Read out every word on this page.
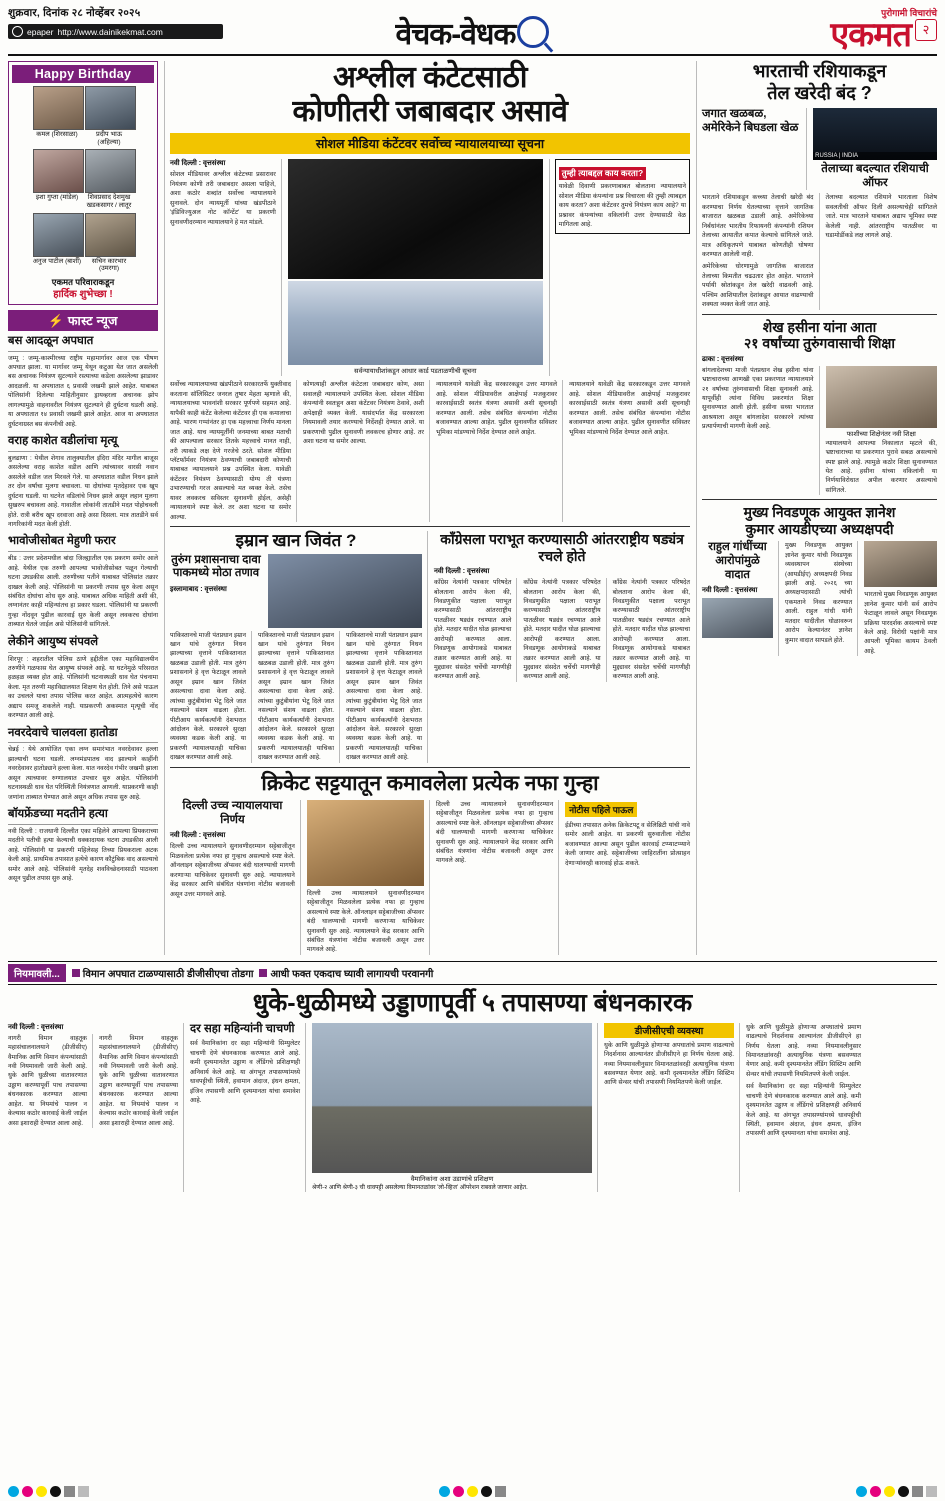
शुक्रवार, दिनांक २८ नोव्हेंबर २०२५
epaper http://www.dainikekmat.com	वेचक-वेधक
पुरोगामी विचारांचे
एकमत २
Happy Birthday
कमल (शिरसाळा)	प्रदीप भाऊ (अहिल्या)
इशा गुप्ता (मांडेल)	शिवप्रसाद देशमुख खडकसागर / लातूर
अनुज पाटील (बार्शी)	सचिन कारभार (उमरगा)
एकमत परिवाराकडून
हार्दिक शुभेच्छा !
⚡ फास्ट न्यूज
बस आदळून अपघात
जम्मू : जम्मू-काश्मीरच्या राष्ट्रीय महामार्गावर आज एक भीषण अपघात झाला. या मार्गावर जम्मू येथून कटुआ येत जात असलेली बस अचानक नियंत्रण सुटल्याने रस्त्याच्या कडेला असलेल्या झाडावर आदळली. या अपघातात ६ प्रवासी जखमी झाले आहेत. याबाबत पोलिसांनी दिलेल्या माहितीनुसार ड्रायव्हरला अचानक झोप लागल्यामुळे वाहनावरील नियंत्रण सुटल्याने ही दुर्घटना घडली आहे. या अपघातात १४ प्रवासी जखमी झाले आहेत. आज या अपघातात दुर्घटनाग्रस्त बस कंपनीची आहे.
वराह काशेत वडीलांचा मृत्यू
बुलढाणा : येथील शेगाव तालुक्यातील इंदिरा मंदिर मागील बाजूस असलेल्या वराह काशेत वडील आणि त्यांच्यावर वारसी नवान असलेले वडील जल मिरवले गेले. या अपघातात वडील निधन झाले तर दोन वर्षांचा मुलगा बचावला. या दोघांच्या मृतदेहावर एक खूप दुर्घटना घडली. या घटनेत वडिलांचे निधन झाले असून लहान मुलगा सुखरुप बचावला आहे. गावातील लोकांनी तातडीने मदत पोहोचवली होते. रात्री बरीच खूप दरवाजा आहे असा दिसला. मात्र तातडीने सर्व नागरिकांनी मदत केली होती.
भावोजीसोबत मेहुणी फरार
बीड : उत्तर प्रदेशमधील बांदा जिल्ह्यातील एक प्रकरण समोर आले आहे. येथील एक तरुणी आपल्या भावोजीसोबत पळून गेल्याची घटना उघडकीस आली. तरुणीच्या पतीने याबाबत पोलिसांत तक्रार दाखल केली आहे. पोलिसांनी या प्रकरणी तपास सुरु केला असून संबंधित दोघांचा शोध सुरु आहे. याबाबत अधिक माहिती अशी की, लग्नानंतर काही महिन्यांतच हा प्रकार घडला. पोलिसांनी या प्रकरणी गुन्हा नोंदवून पुढील कारवाई सुरु केली असून लवकरच दोघांना ताब्यात घेतले जाईल असे पोलिसांनी सांगितले.
लेकीने आयुष्य संपवले
शिरपूर : शहरातील पोलिस ठाणे हद्दीतील एका महाविद्यालयीन तरुणीने गळफास घेत आयुष्य संपवले आहे. या घटनेमुळे परिसरात हळहळ व्यक्त होत आहे. पोलिसांनी घटनास्थळी धाव घेत पंचनामा केला. मृत तरुणी महाविद्यालयात शिक्षण घेत होती. तिने असे पाऊल का उचलले याचा तपास पोलिस करत आहेत. आत्महत्येचे कारण अद्याप समजू शकलेले नाही. याप्रकरणी अकस्मात मृत्यूची नोंद करण्यात आली आहे.
नवरदेवाचे चालवला हातोडा
चेन्नई : येथे आयोजित एका लग्न समारंभात नवरदेवावर हल्ला झाल्याची घटना घडली. लग्नमंडपातच वाद झाल्याने काहींनी नवरदेवावर हातोड्याने हल्ला केला. यात नवरदेव गंभीर जखमी झाला असून त्याच्यावर रुग्णालयात उपचार सुरु आहेत. पोलिसांनी घटनास्थळी धाव घेत परिस्थिती नियंत्रणात आणली. याप्रकरणी काही जणांना ताब्यात घेण्यात आले असून अधिक तपास सुरु आहे.
बॉयफ्रेंडच्या मदतीने हत्या
नवी दिल्ली : राजधानी दिल्लीत एका महिलेने आपल्या प्रियकराच्या मदतीने पतीची हत्या केल्याची धक्कादायक घटना उघडकीस आली आहे. पोलिसांनी या प्रकरणी महिलेसह तिच्या प्रियकराला अटक केली आहे. प्राथमिक तपासात हत्येचे कारण कौटुंबिक वाद असल्याचे समोर आले आहे. पोलिसांनी मृतदेह शवविच्छेदनासाठी पाठवला असून पुढील तपास सुरु आहे.
अश्लील कंटेटसाठी
कोणीतरी जबाबदार असावे
सोशल मीडिया कंटेंटवर सर्वोच्च न्यायालयाच्या सूचना
नवी दिल्ली : वृत्तसंस्था
सोशल मीडियावर अश्लील कंटेटच्या प्रसारावर नियंत्रण कोणी तरी जबाबदार असला पाहिजे, अशा कठोर शब्दांत सर्वोच्च न्यायालयाने सुनावले. दोन न्यायमूर्ती यांच्या खंडपीठाने 'इंडिविज्युअल नोट कॉन्टेंट' या प्रकरणी सुनावणीदरम्यान न्यायालयाने हे मत मांडले.
सर्वन्यायाधीशांकडून आधार कार्ड पडताळणीची सूचना
तुम्ही त्याबद्दल काय करता?
यावेळी दिवाणी प्रकरणाबाबत बोलताना न्यायालयाने सोशल मीडिया कंपन्यांना प्रश्न विचारला की तुम्ही त्याबद्दल काय करता? अशा कंटेंटवर तुमचे नियंत्रण काय आहे? या प्रश्नावर कंपन्यांच्या वकिलांनी उत्तर देण्यासाठी वेळ मागितला आहे.
सर्वोच्च न्यायालयाच्या खंडपीठाने सरकारतर्फे युक्तीवाद करताना सॉलिसिटर जनरल तुषार मेहता म्हणाले की, न्यायालयाच्या भावनांशी सरकार पूर्णपणे सहमत आहे. यापैकी काही कंटेंट केलेल्या कंटेंटवर ही एक कमालाचा आहे. भारण गप्पांनंतर हा एक महत्त्वाचा निर्णय मानला जात आहे. याच न्यायमूर्तींनी जनमाच्या बाबत मताची की आपल्याला सरकार तितके महत्त्वाचे मानत नाही, तरी त्याकडे लक्ष देणे गरजेचे ठरते. सोशल मीडिया प्लॅटफॉर्मवर नियंत्रण ठेवण्याची जबाबदारी कोणाची याबाबत न्यायालयाने प्रश्न उपस्थित केला. यावेळी कंटेंटवर नियंत्रण ठेवण्यासाठी योग्य ती यंत्रणा उभारण्याची गरज असल्याचे मत व्यक्त केले. तसेच यावर लवकरच सविस्तर सुनावणी होईल, असेही न्यायालयाने स्पष्ट केले. तर अशा घटना या समोर आल्या.
कोणत्याही अश्लील कंटेटला जबाबदार कोण, असा सवालही न्यायालयाने उपस्थित केला. सोशल मीडिया कंपन्यांनी स्वतःहून अशा कंटेंटवर नियंत्रण ठेवावे, अशी अपेक्षाही व्यक्त केली. यासंदर्भात केंद्र सरकारला नियमावली तयार करण्याचे निर्देशही देण्यात आले. या प्रकरणाची पुढील सुनावणी लवकरच होणार आहे. तर अशा घटना या समोर आल्या.
न्यायालयाने यावेळी केंद्र सरकारकडून उत्तर मागवले आहे. सोशल मीडियावरील आक्षेपार्ह मजकुरावर कारवाईसाठी स्वतंत्र यंत्रणा असावी अशी सूचनाही करण्यात आली. तसेच संबंधित कंपन्यांना नोटीस बजावण्यात आल्या आहेत. पुढील सुनावणीत सविस्तर भूमिका मांडण्याचे निर्देश देण्यात आले आहेत.
न्यायालयाने यावेळी केंद्र सरकारकडून उत्तर मागवले आहे. सोशल मीडियावरील आक्षेपार्ह मजकुरावर कारवाईसाठी स्वतंत्र यंत्रणा असावी अशी सूचनाही करण्यात आली. तसेच संबंधित कंपन्यांना नोटीस बजावण्यात आल्या आहेत. पुढील सुनावणीत सविस्तर भूमिका मांडण्याचे निर्देश देण्यात आले आहेत.
इम्रान खान जिवंत ?
तुरुंग प्रशासनाचा दावा पाकमध्ये मोठा तणाव
इस्लामाबाद : वृत्तसंस्था
पाकिस्तानचे माजी पंतप्रधान इम्रान खान यांचे तुरुंगात निधन झाल्याच्या वृत्ताने पाकिस्तानात खळबळ उडाली होती. मात्र तुरुंग प्रशासनाने हे वृत्त फेटाळून लावले असून इम्रान खान जिवंत असल्याचा दावा केला आहे. त्यांच्या कुटुंबीयांना भेटू दिले जात नसल्याने संशय वाढला होता. पीटीआय कार्यकर्त्यांनी देशभरात आंदोलन केले. सरकारने सुरक्षा व्यवस्था कडक केली आहे. या प्रकरणी न्यायालयातही याचिका दाखल करण्यात आली आहे.
पाकिस्तानचे माजी पंतप्रधान इम्रान खान यांचे तुरुंगात निधन झाल्याच्या वृत्ताने पाकिस्तानात खळबळ उडाली होती. मात्र तुरुंग प्रशासनाने हे वृत्त फेटाळून लावले असून इम्रान खान जिवंत असल्याचा दावा केला आहे. त्यांच्या कुटुंबीयांना भेटू दिले जात नसल्याने संशय वाढला होता. पीटीआय कार्यकर्त्यांनी देशभरात आंदोलन केले. सरकारने सुरक्षा व्यवस्था कडक केली आहे. या प्रकरणी न्यायालयातही याचिका दाखल करण्यात आली आहे.
पाकिस्तानचे माजी पंतप्रधान इम्रान खान यांचे तुरुंगात निधन झाल्याच्या वृत्ताने पाकिस्तानात खळबळ उडाली होती. मात्र तुरुंग प्रशासनाने हे वृत्त फेटाळून लावले असून इम्रान खान जिवंत असल्याचा दावा केला आहे. त्यांच्या कुटुंबीयांना भेटू दिले जात नसल्याने संशय वाढला होता. पीटीआय कार्यकर्त्यांनी देशभरात आंदोलन केले. सरकारने सुरक्षा व्यवस्था कडक केली आहे. या प्रकरणी न्यायालयातही याचिका दाखल करण्यात आली आहे.
काँग्रेसला पराभूत करण्यासाठी आंतरराष्ट्रीय षड्यंत्र रचले होते
नवी दिल्ली : वृत्तसंस्था
काँग्रेस नेत्यांनी पत्रकार परिषदेत बोलताना आरोप केला की, निवडणुकीत पक्षाला पराभूत करण्यासाठी आंतरराष्ट्रीय पातळीवर षड्यंत्र रचण्यात आले होते. मतदार यादीत घोळ झाल्याचा आरोपही करण्यात आला. निवडणूक आयोगाकडे याबाबत तक्रार करण्यात आली आहे. या मुद्द्यावर संसदेत चर्चेची मागणीही करण्यात आली आहे.
काँग्रेस नेत्यांनी पत्रकार परिषदेत बोलताना आरोप केला की, निवडणुकीत पक्षाला पराभूत करण्यासाठी आंतरराष्ट्रीय पातळीवर षड्यंत्र रचण्यात आले होते. मतदार यादीत घोळ झाल्याचा आरोपही करण्यात आला. निवडणूक आयोगाकडे याबाबत तक्रार करण्यात आली आहे. या मुद्द्यावर संसदेत चर्चेची मागणीही करण्यात आली आहे.
काँग्रेस नेत्यांनी पत्रकार परिषदेत बोलताना आरोप केला की, निवडणुकीत पक्षाला पराभूत करण्यासाठी आंतरराष्ट्रीय पातळीवर षड्यंत्र रचण्यात आले होते. मतदार यादीत घोळ झाल्याचा आरोपही करण्यात आला. निवडणूक आयोगाकडे याबाबत तक्रार करण्यात आली आहे. या मुद्द्यावर संसदेत चर्चेची मागणीही करण्यात आली आहे.
क्रिकेट सट्टयातून कमावलेला प्रत्येक नफा गुन्हा
दिल्ली उच्च न्यायालयाचा निर्णय
नवी दिल्ली : वृत्तसंस्था
दिल्ली उच्च न्यायालयाने सुनावणीदरम्यान सट्टेबाजीतून मिळवलेला प्रत्येक नफा हा गुन्हाच असल्याचे स्पष्ट केले. ऑनलाइन सट्टेबाजीच्या अ‍ॅप्सवर बंदी घालण्याची मागणी करणाऱ्या याचिकेवर सुनावणी सुरु आहे. न्यायालयाने केंद्र सरकार आणि संबंधित यंत्रणांना नोटीस बजावली असून उत्तर मागवले आहे.	दिल्ली उच्च न्यायालयाने सुनावणीदरम्यान सट्टेबाजीतून मिळवलेला प्रत्येक नफा हा गुन्हाच असल्याचे स्पष्ट केले. ऑनलाइन सट्टेबाजीच्या अ‍ॅप्सवर बंदी घालण्याची मागणी करणाऱ्या याचिकेवर सुनावणी सुरु आहे. न्यायालयाने केंद्र सरकार आणि संबंधित यंत्रणांना नोटीस बजावली असून उत्तर मागवले आहे.
दिल्ली उच्च न्यायालयाने सुनावणीदरम्यान सट्टेबाजीतून मिळवलेला प्रत्येक नफा हा गुन्हाच असल्याचे स्पष्ट केले. ऑनलाइन सट्टेबाजीच्या अ‍ॅप्सवर बंदी घालण्याची मागणी करणाऱ्या याचिकेवर सुनावणी सुरु आहे. न्यायालयाने केंद्र सरकार आणि संबंधित यंत्रणांना नोटीस बजावली असून उत्तर मागवले आहे.
नोटीस पहिले पाऊल
ईडीच्या तपासात अनेक क्रिकेटपटू व सेलिब्रिटी यांची नावे समोर आली आहेत. या प्रकरणी सुरुवातीला नोटीस बजावण्यात आल्या असून पुढील कारवाई टप्प्याटप्प्याने केली जाणार आहे. सट्टेबाजीच्या जाहिरातींना प्रोत्साहन देणाऱ्यांवरही कारवाई होऊ शकते.
भारताची रशियाकडून
तेल खरेदी बंद ?
जगात खळबळ, अमेरिकेने बिघडला खेळ
RUSSIA | INDIA
तेलाच्या बदल्यात रशियाची ऑफर
भारताने रशियाकडून कच्च्या तेलाची खरेदी बंद करण्याचा निर्णय घेतल्याच्या वृत्ताने जागतिक बाजारात खळबळ उडाली आहे. अमेरिकेच्या निर्बंधांनंतर भारतीय रिफायनरी कंपन्यांनी रशियन तेलाच्या आयातीत कपात केल्याचे सांगितले जाते. मात्र अधिकृतपणे याबाबत कोणतीही घोषणा करण्यात आलेली नाही.
अमेरिकेच्या धोरणामुळे जागतिक बाजारात तेलाच्या किमतीत चढउतार होत आहेत. भारताने पर्यायी स्रोतांकडून तेल खरेदी वाढवली आहे. पश्चिम आशियातील देशांकडून आयात वाढण्याची शक्यता व्यक्त केली जात आहे.
तेलाच्या बदल्यात रशियाने भारताला विशेष सवलतीची ऑफर दिली असल्याचेही सांगितले जाते. मात्र भारताने याबाबत अद्याप भूमिका स्पष्ट केलेली नाही. आंतरराष्ट्रीय पातळीवर या घडामोडींकडे लक्ष लागले आहे.
शेख हसीना यांना आता
२१ वर्षांच्या तुरुंगवासाची शिक्षा
ढाका : वृत्तसंस्था
बांगलादेशच्या माजी पंतप्रधान शेख हसीना यांना भ्रष्टाचाराच्या आणखी एका प्रकरणात न्यायालयाने २१ वर्षांच्या तुरुंगवासाची शिक्षा सुनावली आहे. यापूर्वीही त्यांना विविध प्रकरणांत शिक्षा सुनावण्यात आली होती. हसीना सध्या भारतात आश्रयाला असून बांगलादेश सरकारने त्यांच्या प्रत्यार्पणाची मागणी केली आहे.
फाशीच्या शिक्षेनंतर नवी शिक्षा
न्यायालयाने आपल्या निकालात म्हटले की, भ्रष्टाचाराच्या या प्रकरणात पुरावे सबळ असल्याचे स्पष्ट झाले आहे. त्यामुळे कठोर शिक्षा सुनावण्यात येत आहे. हसीना यांच्या वकिलांनी या निर्णयाविरोधात अपील करणार असल्याचे सांगितले.
मुख्य निवडणूक आयुक्त ज्ञानेश
कुमार आयडीएच्या अध्यक्षपदी
राहुल गांधींच्या आरोपांमुळे वादात
नवी दिल्ली : वृत्तसंस्था
मुख्य निवडणूक आयुक्त ज्ञानेश कुमार यांची निवडणूक व्यवस्थापन संस्थेच्या (आयडीईए) अध्यक्षपदी निवड झाली आहे. २०२६ च्या अध्यक्षपदासाठी त्यांची एकमताने निवड करण्यात आली. राहुल गांधी यांनी मतदार यादीतील घोळावरून आरोप केल्यानंतर ज्ञानेश कुमार वादात सापडले होते.
भारताचे मुख्य निवडणूक आयुक्त ज्ञानेश कुमार यांनी सर्व आरोप फेटाळून लावले असून निवडणूक प्रक्रिया पारदर्शक असल्याचे स्पष्ट केले आहे. विरोधी पक्षांनी मात्र आपली भूमिका कायम ठेवली आहे.
नियमावली...	विमान अपघात टाळण्यासाठी डीजीसीएचा तोडगा	आधी फक्त एकदाच घ्यावी लागायची परवानगी
धुके-धुळीमध्ये उड्डाणापूर्वी ५ तपासण्या बंधनकारक
नवी दिल्ली : वृत्तसंस्था
नागरी विमान वाहतूक महासंचालनालयाने (डीजीसीए) वैमानिक आणि विमान कंपन्यांसाठी नवी नियमावली जारी केली आहे. धुके आणि धुळीच्या वातावरणात उड्डाण करण्यापूर्वी पाच तपासण्या बंधनकारक करण्यात आल्या आहेत. या नियमांचे पालन न केल्यास कठोर कारवाई केली जाईल असा इशाराही देण्यात आला आहे.
नागरी विमान वाहतूक महासंचालनालयाने (डीजीसीए) वैमानिक आणि विमान कंपन्यांसाठी नवी नियमावली जारी केली आहे. धुके आणि धुळीच्या वातावरणात उड्डाण करण्यापूर्वी पाच तपासण्या बंधनकारक करण्यात आल्या आहेत. या नियमांचे पालन न केल्यास कठोर कारवाई केली जाईल असा इशाराही देण्यात आला आहे.
दर सहा महिन्यांनी चाचणी
सर्व वैमानिकांना दर सहा महिन्यांनी सिम्युलेटर चाचणी देणे बंधनकारक करण्यात आले आहे. कमी दृश्यमानतेत उड्डाण व लँडिंगचे प्रशिक्षणही अनिवार्य केले आहे. या अंगभूत तपासण्यांमध्ये धावपट्टीची स्थिती, हवामान अंदाज, इंधन क्षमता, इंजिन तपासणी आणि दृश्यमानता यांचा समावेश आहे.
वैमानिकांना अशा उडाणांचे प्रशिक्षण
श्रेणी-२ आणि श्रेणी-३ ची धावपट्टी असलेल्या विमानतळांवर 'लो-व्हिज' ऑपरेशन राबवले जाणार आहेत.
डीजीसीएची व्यवस्था
धुके आणि धुळीमुळे होणाऱ्या अपघातांचे प्रमाण वाढल्याचे निदर्शनास आल्यानंतर डीजीसीएने हा निर्णय घेतला आहे. नव्या नियमावलीनुसार विमानतळांवरही अत्याधुनिक यंत्रणा बसवण्यात येणार आहे. कमी दृश्यमानतेत लँडिंग सिस्टिम आणि सेन्सर यांची तपासणी नियमितपणे केली जाईल.
धुके आणि धुळीमुळे होणाऱ्या अपघातांचे प्रमाण वाढल्याचे निदर्शनास आल्यानंतर डीजीसीएने हा निर्णय घेतला आहे. नव्या नियमावलीनुसार विमानतळांवरही अत्याधुनिक यंत्रणा बसवण्यात येणार आहे. कमी दृश्यमानतेत लँडिंग सिस्टिम आणि सेन्सर यांची तपासणी नियमितपणे केली जाईल.
सर्व वैमानिकांना दर सहा महिन्यांनी सिम्युलेटर चाचणी देणे बंधनकारक करण्यात आले आहे. कमी दृश्यमानतेत उड्डाण व लँडिंगचे प्रशिक्षणही अनिवार्य केले आहे. या अंगभूत तपासण्यांमध्ये धावपट्टीची स्थिती, हवामान अंदाज, इंधन क्षमता, इंजिन तपासणी आणि दृश्यमानता यांचा समावेश आहे.
